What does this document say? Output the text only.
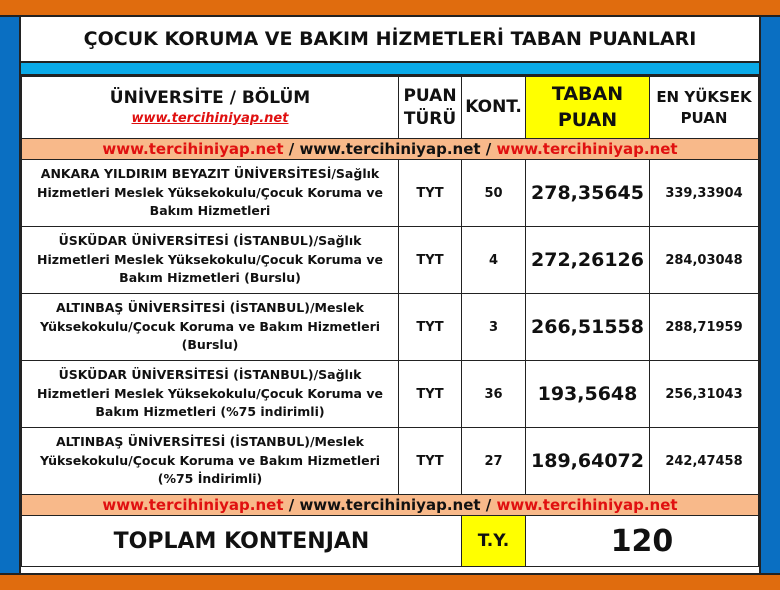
ÇOCUK KORUMA VE BAKIM HİZMETLERİ TABAN PUANLARI
ÜNİVERSİTE / BÖLÜM
www.tercihiniyap.net	PUAN TÜRÜ	KONT.	TABAN PUAN	EN YÜKSEK PUAN
www.tercihiniyap.net / www.tercihiniyap.net / www.tercihiniyap.net				
ANKARA YILDIRIM BEYAZIT ÜNİVERSİTESİ/Sağlık Hizmetleri Meslek Yüksekokulu/Çocuk Koruma ve Bakım Hizmetleri	TYT	50	278,35645	339,33904
ÜSKÜDAR ÜNİVERSİTESİ (İSTANBUL)/Sağlık Hizmetleri Meslek Yüksekokulu/Çocuk Koruma ve Bakım Hizmetleri (Burslu)	TYT	4	272,26126	284,03048
ALTINBAŞ ÜNİVERSİTESİ (İSTANBUL)/Meslek Yüksekokulu/Çocuk Koruma ve Bakım Hizmetleri (Burslu)	TYT	3	266,51558	288,71959
ÜSKÜDAR ÜNİVERSİTESİ (İSTANBUL)/Sağlık Hizmetleri Meslek Yüksekokulu/Çocuk Koruma ve Bakım Hizmetleri (%75 indirimli)	TYT	36	193,5648	256,31043
ALTINBAŞ ÜNİVERSİTESİ (İSTANBUL)/Meslek Yüksekokulu/Çocuk Koruma ve Bakım Hizmetleri (%75 İndirimli)	TYT	27	189,64072	242,47458
www.tercihiniyap.net / www.tercihiniyap.net / www.tercihiniyap.net				
TOPLAM KONTENJAN		T.Y.	120	
